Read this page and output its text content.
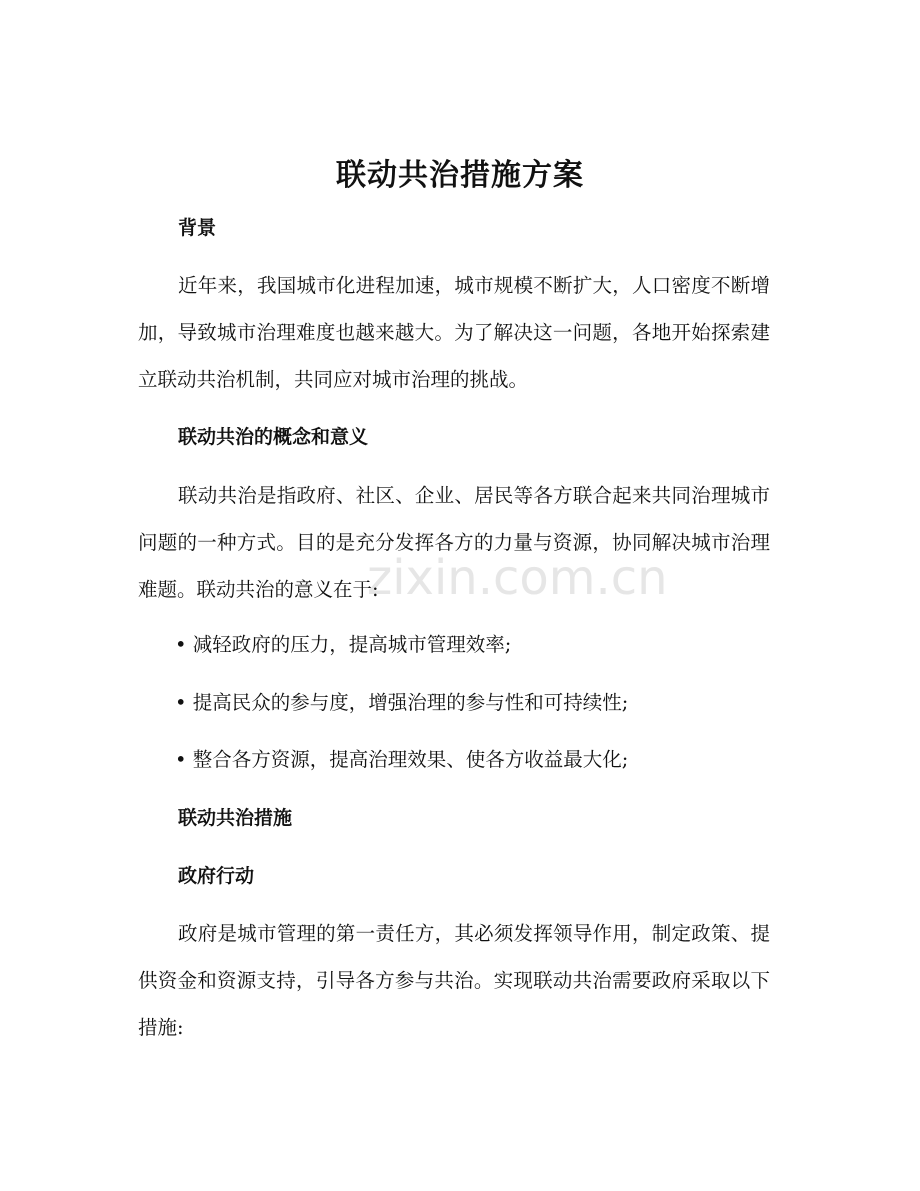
zixin.com.cn
联动共治措施方案
背景
近年来，我国城市化进程加速，城市规模不断扩大，人口密度不断增加，导致城市治理难度也越来越大。为了解决这一问题，各地开始探索建立联动共治机制，共同应对城市治理的挑战。
联动共治的概念和意义
联动共治是指政府、社区、企业、居民等各方联合起来共同治理城市问题的一种方式。目的是充分发挥各方的力量与资源，协同解决城市治理难题。联动共治的意义在于:
• 减轻政府的压力，提高城市管理效率;
• 提高民众的参与度，增强治理的参与性和可持续性;
• 整合各方资源，提高治理效果、使各方收益最大化;
联动共治措施
政府行动
政府是城市管理的第一责任方，其必须发挥领导作用，制定政策、提供资金和资源支持，引导各方参与共治。实现联动共治需要政府采取以下措施:
